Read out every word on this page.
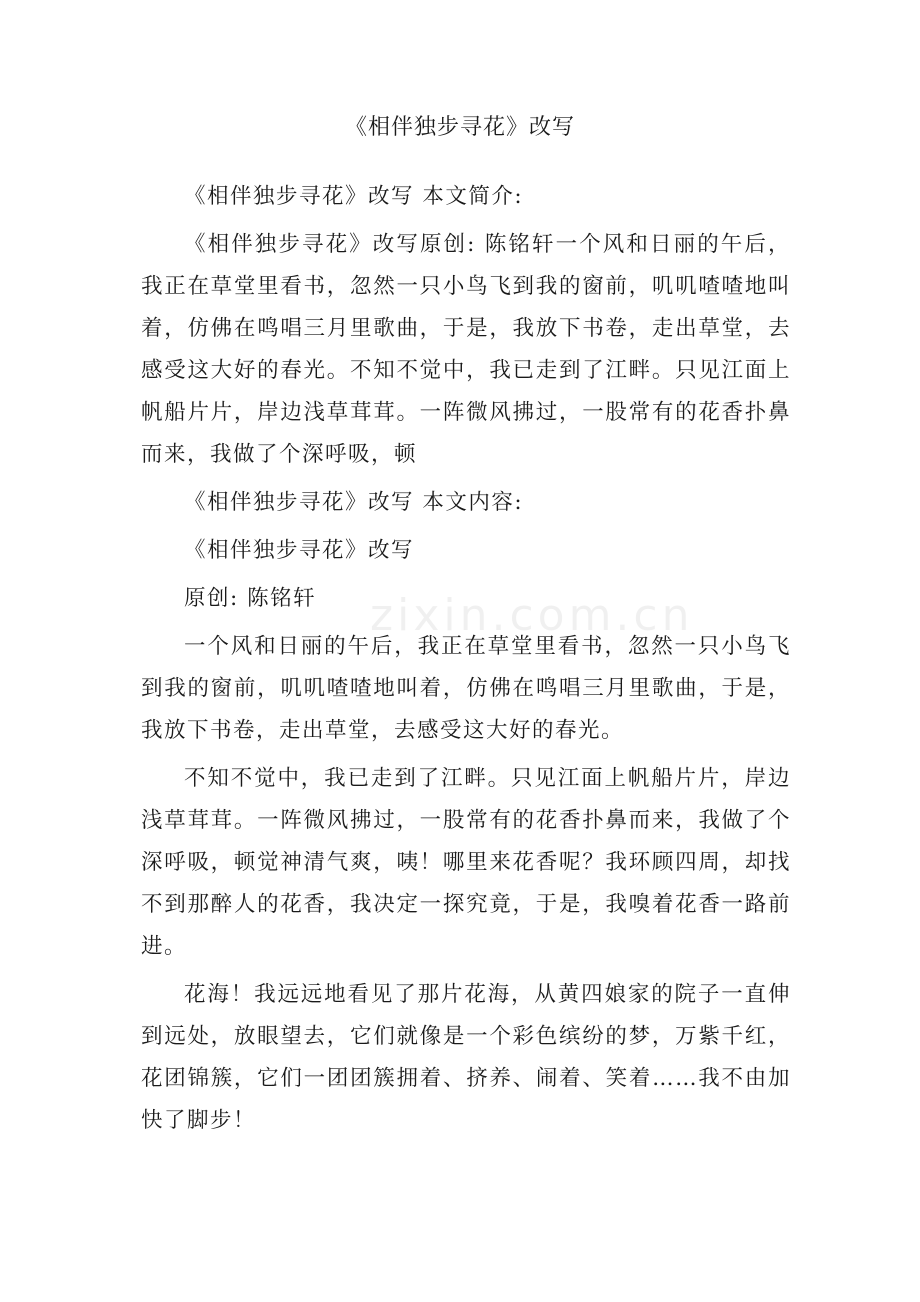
zixin.com.cn
《相伴独步寻花》改写

《相伴独步寻花》改写 本文简介:

《相伴独步寻花》改写原创: 陈铭轩一个风和日丽的午后，我正在草堂里看书，忽然一只小鸟飞到我的窗前，叽叽喳喳地叫着，仿佛在鸣唱三月里歌曲，于是，我放下书卷，走出草堂，去感受这大好的春光。不知不觉中，我已走到了江畔。只见江面上帆船片片，岸边浅草茸茸。一阵微风拂过，一股常有的花香扑鼻而来，我做了个深呼吸，顿

《相伴独步寻花》改写 本文内容:

《相伴独步寻花》改写

原创: 陈铭轩

一个风和日丽的午后，我正在草堂里看书，忽然一只小鸟飞到我的窗前，叽叽喳喳地叫着，仿佛在鸣唱三月里歌曲，于是，我放下书卷，走出草堂，去感受这大好的春光。

不知不觉中，我已走到了江畔。只见江面上帆船片片，岸边浅草茸茸。一阵微风拂过，一股常有的花香扑鼻而来，我做了个深呼吸，顿觉神清气爽，咦！哪里来花香呢？我环顾四周，却找不到那醉人的花香，我决定一探究竟，于是，我嗅着花香一路前进。

花海！我远远地看见了那片花海，从黄四娘家的院子一直伸到远处，放眼望去，它们就像是一个彩色缤纷的梦，万紫千红，花团锦簇，它们一团团簇拥着、挤养、闹着、笑着……我不由加快了脚步！
